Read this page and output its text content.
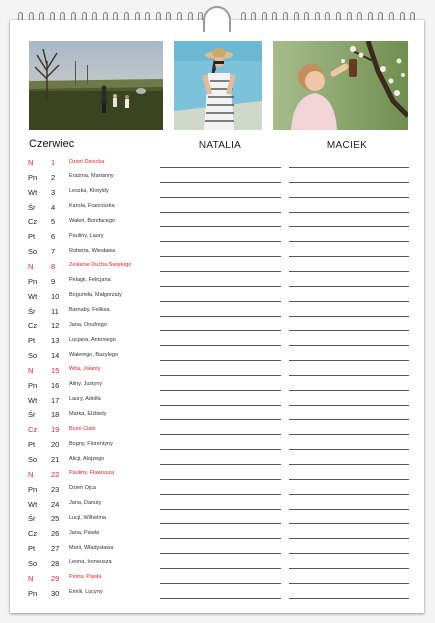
Czerwiec	NATALIA	MACIEK
N 1	Dzień Dziecka
Pn 2	Erazma, Marianny
Wt 3	Leszka, Klotyldy
Śr 4	Karola, Franciszka
Cz 5	Waleri, Bonifacego
Pt 6	Pauliny, Laury
So 7	Roberta, Wiesława
N 8	Zesłanie Ducha Świętego
Pn 9	Pelagii, Felicjana
Wt 10 Bogumiła, Małgorzaty
Śr 11 Barnaby, Feliksa
Cz 12 Jana, Onufrego
Pt 13 Lucjana, Antoniego
So 14 Walerego, Bazylego
N 15 Wita, Jolanty
Pn 16 Aliny, Justyny
Wt 17 Laury, Adolfa
Śr 18 Marka, Elżbiety
Cz 19 Boże Ciało
Pt 20 Bogny, Florentyny
So 21 Alicji, Alojzego
N 22 Pauliny, Flawiusza
Pn 23 Dzień Ojca
Wt 24 Jana, Danuty
Śr 25 Lucji, Wilhelma
Cz 26 Jana, Pawła
Pt 27 Marii, Władysława
So 28 Leona, Ireneusza
N 29 Piotra, Pawła
Pn 30 Emilii, Lucyny
